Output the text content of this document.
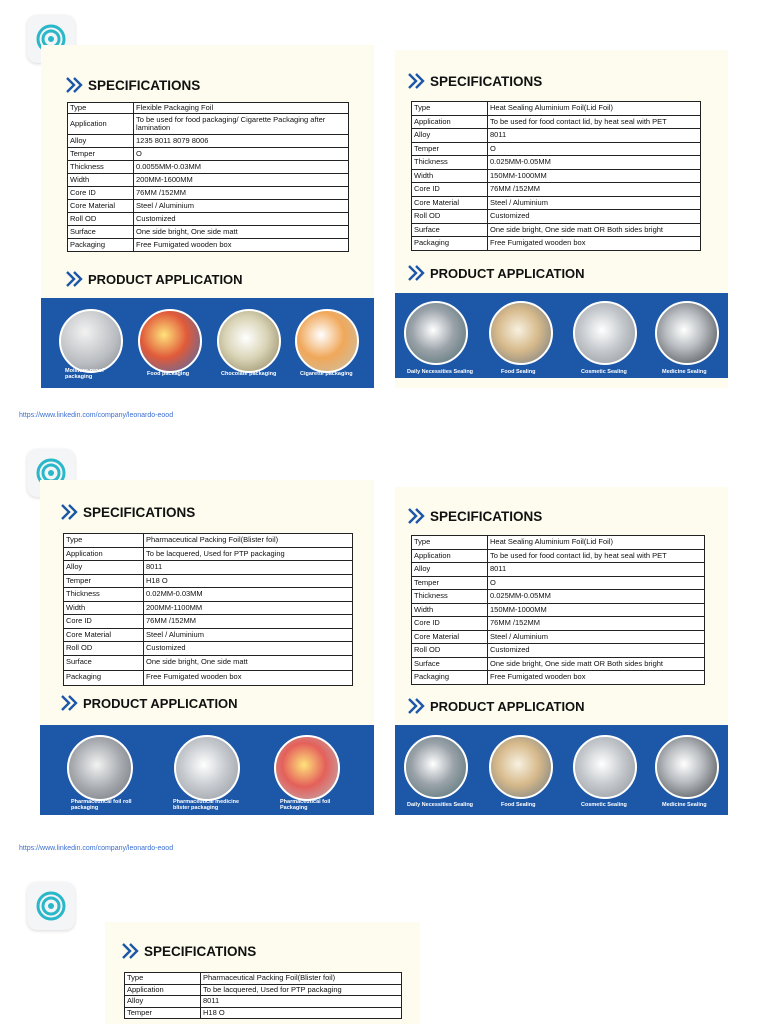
SPECIFICATIONS
Type	Flexible Packaging Foil
Application	To be used for food packaging/ Cigarette Packaging after lamination
Alloy	1235 8011 8079 8006
Temper	O
Thickness	0.0055MM-0.03MM
Width	200MM-1600MM
Core ID	76MM /152MM
Core Material	Steel / Aluminium
Roll OD	Customized
Surface	One side bright, One side matt
Packaging	Free Fumigated wooden box
PRODUCT APPLICATION
Moisture-proof packaging	Food packaging	Chocolate packaging	Cigarette packaging
SPECIFICATIONS
Type	Heat Sealing Aluminium Foil(Lid Foil)
Application	To be used for food contact lid, by heat seal with PET
Alloy	8011
Temper	O
Thickness	0.025MM-0.05MM
Width	150MM-1000MM
Core ID	76MM /152MM
Core Material	Steel / Aluminium
Roll OD	Customized
Surface	One side bright, One side matt OR Both sides bright
Packaging	Free Fumigated wooden box
PRODUCT APPLICATION
Daily Necessities Sealing	Food Sealing	Cosmetic Sealing	Medicine Sealing
https://www.linkedin.com/company/leonardo-eood
SPECIFICATIONS
Type	Pharmaceutical Packing Foil(Blister foil)
Application	To be lacquered, Used for PTP packaging
Alloy	8011
Temper	H18 O
Thickness	0.02MM-0.03MM
Width	200MM-1100MM
Core ID	76MM /152MM
Core Material	Steel / Aluminium
Roll OD	Customized
Surface	One side bright, One side matt
Packaging	Free Fumigated wooden box
PRODUCT APPLICATION
Pharmaceutical foil roll packaging
Pharmaceutical medicine blister packaging
Pharmaceutical foil Packaging
SPECIFICATIONS
Type	Heat Sealing Aluminium Foil(Lid Foil)
Application	To be used for food contact lid, by heat seal with PET
Alloy	8011
Temper	O
Thickness	0.025MM-0.05MM
Width	150MM-1000MM
Core ID	76MM /152MM
Core Material	Steel / Aluminium
Roll OD	Customized
Surface	One side bright, One side matt OR Both sides bright
Packaging	Free Fumigated wooden box
PRODUCT APPLICATION
Daily Necessities Sealing	Food Sealing	Cosmetic Sealing	Medicine Sealing
https://www.linkedin.com/company/leonardo-eood
SPECIFICATIONS
Type	Pharmaceutical Packing Foil(Blister foil)
Application	To be lacquered, Used for PTP packaging
Alloy	8011
Temper	H18 O
